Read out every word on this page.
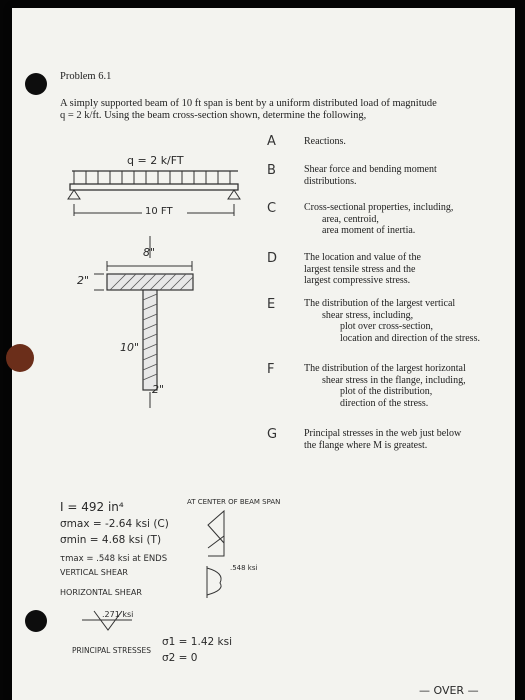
Problem 6.1
A simply supported beam of 10 ft span is bent by a uniform distributed load of magnitude
q = 2 k/ft. Using the beam cross-section shown, determine the following,
q = 2 k/FT
10 FT
8"
2"
10"
2"
A	Reactions.
B	Shear force and bending moment
distributions.
C	Cross-sectional properties, including,
area, centroid,
area moment of inertia.
D	The location and value of the
largest tensile stress and the
largest compressive stress.
E	The distribution of the largest vertical
shear stress, including,
plot over cross-section,
location and direction of the stress.
F	The distribution of the largest horizontal
shear stress in the flange, including,
plot of the distribution,
direction of the stress.
G	Principal stresses in the web just below
the flange where M is greatest.
I = 492 in⁴
σmax = -2.64 ksi (C)
σmin = 4.68 ksi (T)
τmax = .548 ksi at ENDS
VERTICAL SHEAR
HORIZONTAL SHEAR
.271 ksi
PRINCIPAL STRESSES
σ1 = 1.42 ksi
σ2 = 0
AT CENTER OF BEAM SPAN
.548 ksi
— OVER —
